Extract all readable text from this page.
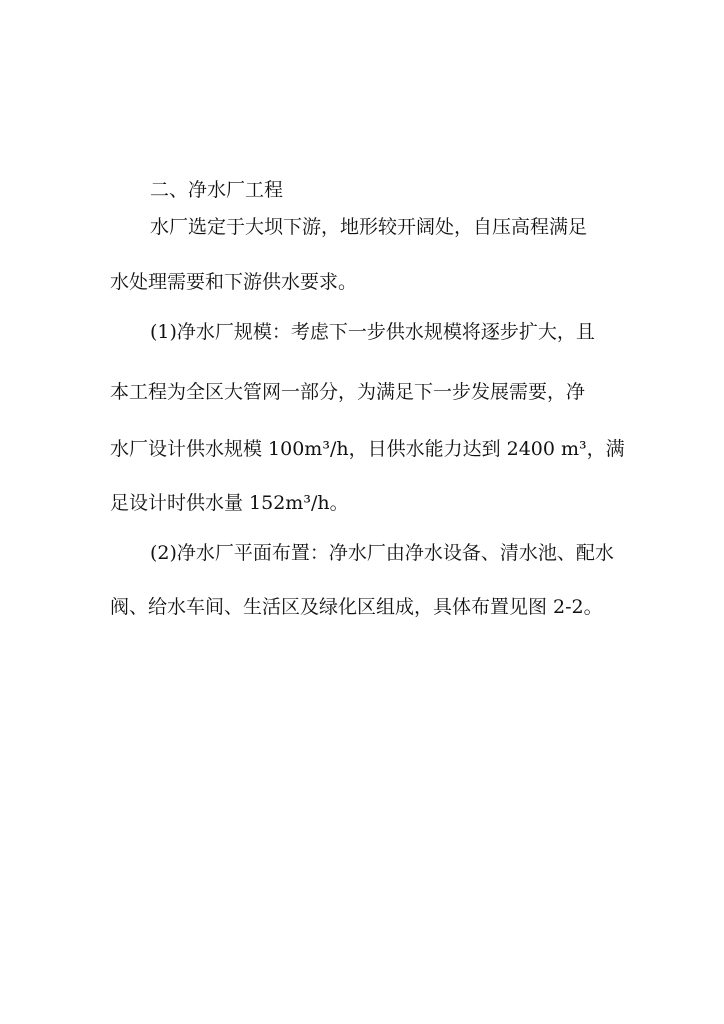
二、净水厂工程
水厂选定于大坝下游，地形较开阔处，自压高程满足
水处理需要和下游供水要求。
(1)净水厂规模：考虑下一步供水规模将逐步扩大，且
本工程为全区大管网一部分，为满足下一步发展需要，净
水厂设计供水规模 100m³/h，日供水能力达到 2400 m³，满
足设计时供水量 152m³/h。
(2)净水厂平面布置：净水厂由净水设备、清水池、配水
阀、给水车间、生活区及绿化区组成，具体布置见图 2-2。
